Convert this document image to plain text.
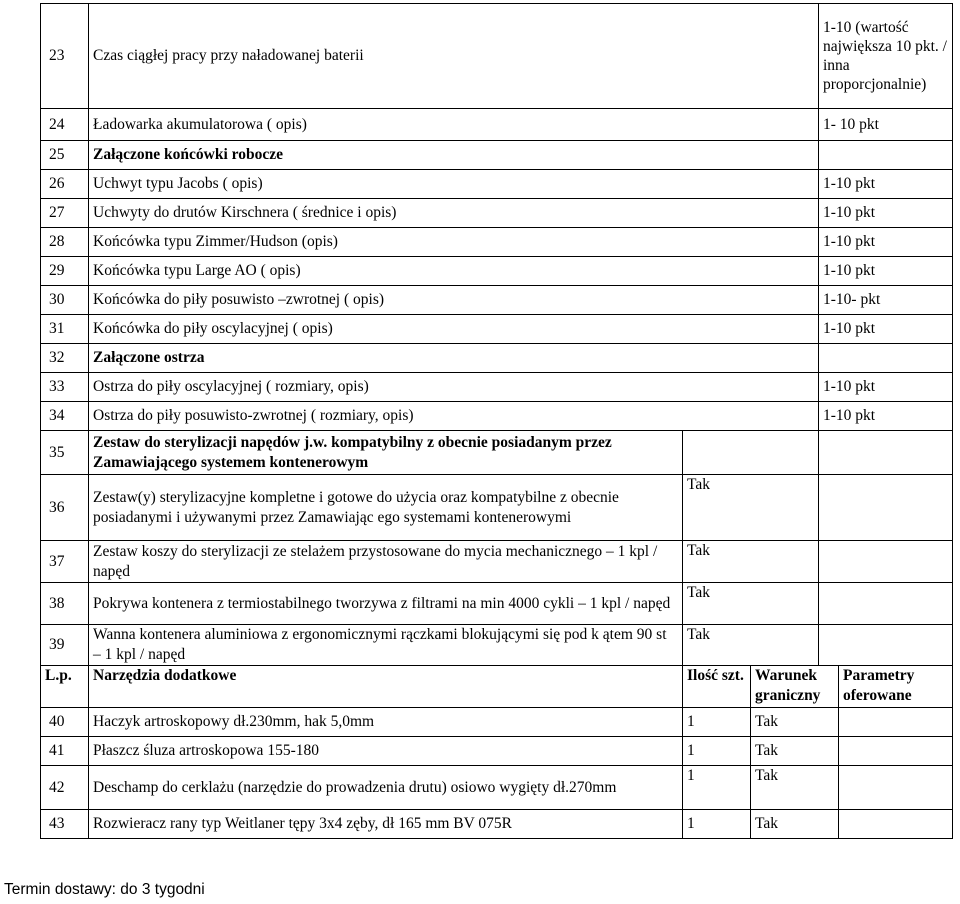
23	Czas ciągłej pracy przy naładowanej baterii	1-10 (wartość największa 10 pkt. / inna proporcjonalnie)
24	Ładowarka akumulatorowa ( opis)	1- 10 pkt
25	Załączone końcówki robocze	
26	Uchwyt typu Jacobs ( opis)	1-10 pkt
27	Uchwyty do drutów Kirschnera ( średnice i opis)	1-10 pkt
28	Końcówka typu Zimmer/Hudson (opis)	1-10 pkt
29	Końcówka typu Large AO ( opis)	1-10 pkt
30	Końcówka do piły posuwisto –zwrotnej ( opis)	1-10- pkt
31	Końcówka do piły oscylacyjnej ( opis)	1-10 pkt
32	Załączone ostrza	
33	Ostrza do piły oscylacyjnej ( rozmiary, opis)	1-10 pkt
34	Ostrza do piły posuwisto-zwrotnej ( rozmiary, opis)	1-10 pkt
35	Zestaw do sterylizacji napędów j.w. kompatybilny z obecnie posiadanym przez Zamawiającego systemem kontenerowym		
36	Zestaw(y) sterylizacyjne kompletne i gotowe do użycia oraz kompatybilne z obecnie posiadanymi i używanymi przez Zamawiając ego systemami kontenerowymi	Tak	
37	Zestaw koszy do sterylizacji ze stelażem przystosowane do mycia mechanicznego – 1 kpl / napęd	Tak	
38	Pokrywa kontenera z termiostabilnego tworzywa z filtrami na min 4000 cykli – 1 kpl / napęd	Tak	
39	Wanna kontenera aluminiowa z ergonomicznymi rączkami blokującymi się pod k ątem 90 st – 1 kpl / napęd	Tak	
L.p.	Narzędzia dodatkowe	Ilość szt.	Warunek graniczny	Parametry oferowane
40	Haczyk artroskopowy dł.230mm, hak 5,0mm	1	Tak	
41	Płaszcz śluza artroskopowa 155-180	1	Tak	
42	Deschamp do cerklażu (narzędzie do prowadzenia drutu) osiowo wygięty dł.270mm	1	Tak	
43	Rozwieracz rany typ Weitlaner tępy 3x4 zęby, dł 165 mm BV 075R	1	Tak	
Termin dostawy: do 3 tygodni
